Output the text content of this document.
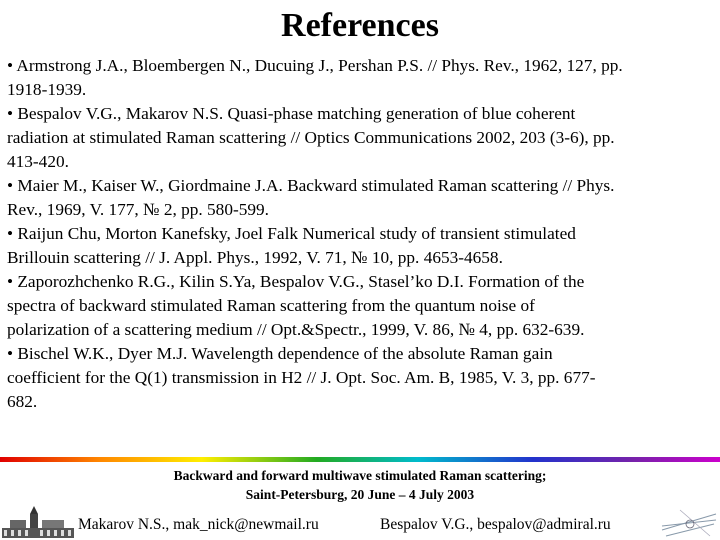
References
• Armstrong J.A., Bloembergen N., Ducuing J., Pershan P.S. // Phys. Rev., 1962, 127, pp.
1918-1939.
• Bespalov V.G., Makarov N.S. Quasi-phase matching generation of blue coherent
radiation at stimulated Raman scattering // Optics Communications 2002, 203 (3-6), pp.
413-420.
• Maier M., Kaiser W., Giordmaine J.A. Backward stimulated Raman scattering // Phys.
Rev., 1969, V. 177, № 2, pp. 580-599.
• Raijun Chu, Morton Kanefsky, Joel Falk Numerical study of transient stimulated
Brillouin scattering // J. Appl. Phys., 1992, V. 71, № 10, pp. 4653-4658.
• Zaporozhchenko R.G., Kilin S.Ya, Bespalov V.G., Stasel’ko D.I. Formation of the
spectra of backward stimulated Raman scattering from the quantum noise of
polarization of a scattering medium // Opt.&Spectr., 1999, V. 86, № 4, pp. 632-639.
• Bischel W.K., Dyer M.J. Wavelength dependence of the absolute Raman gain
coefficient for the Q(1) transmission in H2 // J. Opt. Soc. Am. B, 1985, V. 3, pp. 677-
682.
Backward and forward multiwave stimulated Raman scattering;
Saint-Petersburg, 20 June – 4 July 2003
Makarov N.S., mak_nick@newmail.ru	Bespalov V.G., bespalov@admiral.ru
